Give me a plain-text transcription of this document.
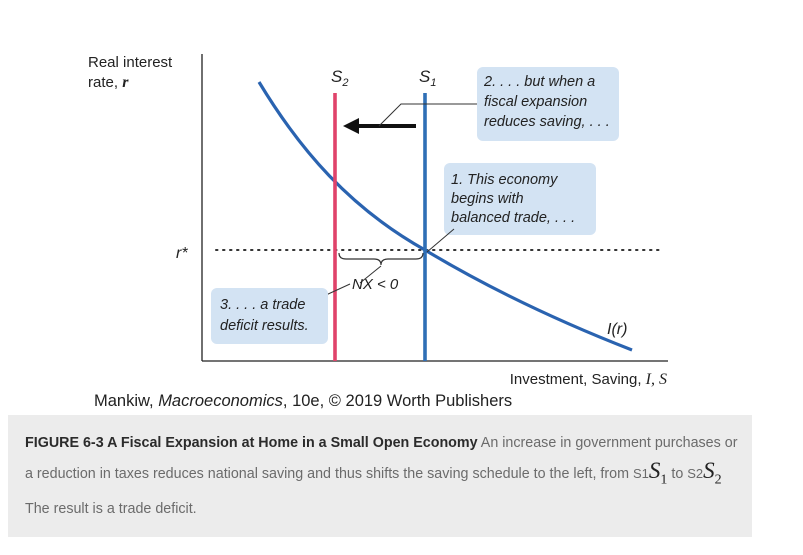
Real interest
rate, r
Investment, Saving, I, S
r*
I(r)
$S_2$	$S_1$	2. . . . but when a fiscal expansion reduces saving, . . .
1. This economy begins with balanced trade, . . .
NX < 0
3. . . . a trade deficit results.
Mankiw, Macroeconomics, 10e, © 2019 Worth Publishers
FIGURE 6-3 A Fiscal Expansion at Home in a Small Open Economy An increase in government purchases or a reduction in taxes reduces national saving and thus shifts the saving schedule to the left, from $S1S_1$ to $S2S_2$ The result is a trade deficit.
